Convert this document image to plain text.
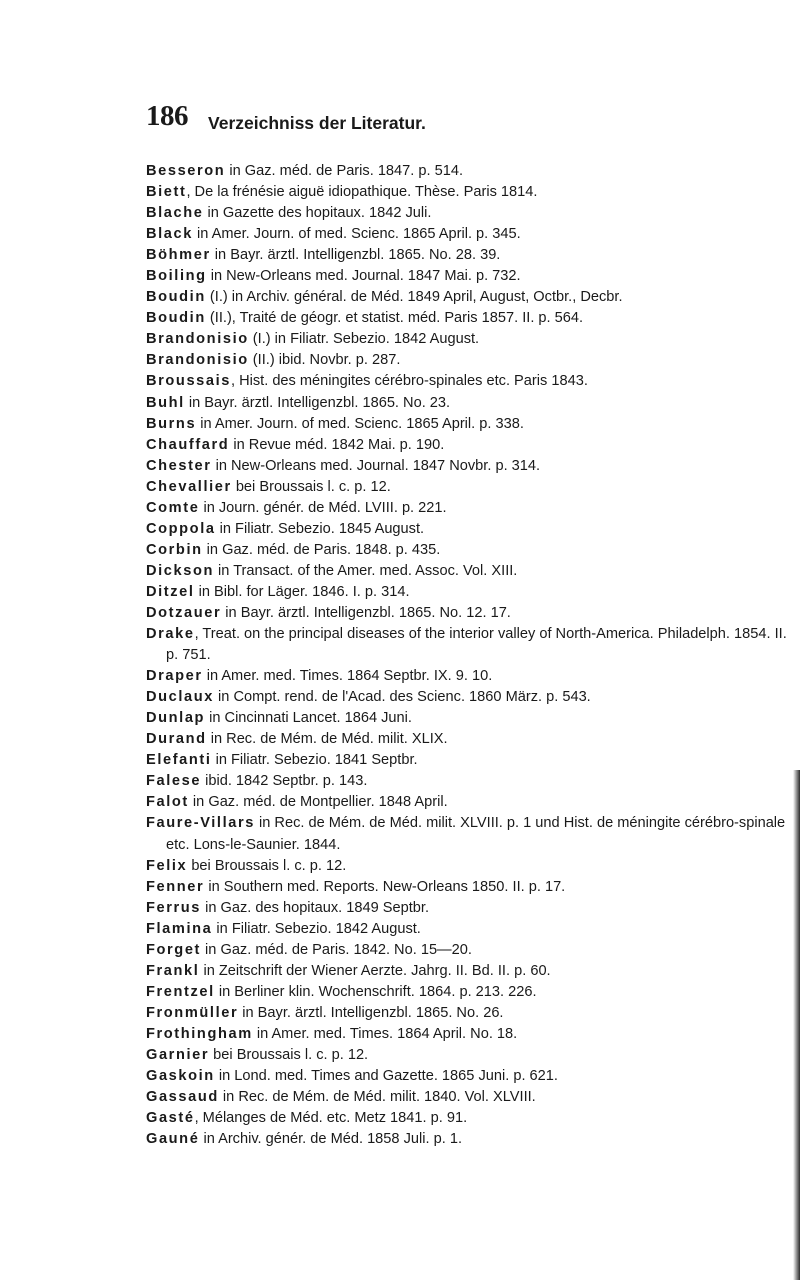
186 Verzeichniss der Literatur.
Besseron in Gaz. méd. de Paris. 1847. p. 514.
Biett, De la frénésie aiguë idiopathique. Thèse. Paris 1814.
Blache in Gazette des hopitaux. 1842 Juli.
Black in Amer. Journ. of med. Scienc. 1865 April. p. 345.
Böhmer in Bayr. ärztl. Intelligenzbl. 1865. No. 28. 39.
Boiling in New-Orleans med. Journal. 1847 Mai. p. 732.
Boudin (I.) in Archiv. général. de Méd. 1849 April, August, Octbr., Decbr.
Boudin (II.), Traité de géogr. et statist. méd. Paris 1857. II. p. 564.
Brandonisio (I.) in Filiatr. Sebezio. 1842 August.
Brandonisio (II.) ibid. Novbr. p. 287.
Broussais, Hist. des méningites cérébro-spinales etc. Paris 1843.
Buhl in Bayr. ärztl. Intelligenzbl. 1865. No. 23.
Burns in Amer. Journ. of med. Scienc. 1865 April. p. 338.
Chauffard in Revue méd. 1842 Mai. p. 190.
Chester in New-Orleans med. Journal. 1847 Novbr. p. 314.
Chevallier bei Broussais l. c. p. 12.
Comte in Journ. génér. de Méd. LVIII. p. 221.
Coppola in Filiatr. Sebezio. 1845 August.
Corbin in Gaz. méd. de Paris. 1848. p. 435.
Dickson in Transact. of the Amer. med. Assoc. Vol. XIII.
Ditzel in Bibl. for Läger. 1846. I. p. 314.
Dotzauer in Bayr. ärztl. Intelligenzbl. 1865. No. 12. 17.
Drake, Treat. on the principal diseases of the interior valley of North-America. Philadelph. 1854. II. p. 751.
Draper in Amer. med. Times. 1864 Septbr. IX. 9. 10.
Duclaux in Compt. rend. de l'Acad. des Scienc. 1860 März. p. 543.
Dunlap in Cincinnati Lancet. 1864 Juni.
Durand in Rec. de Mém. de Méd. milit. XLIX.
Elefanti in Filiatr. Sebezio. 1841 Septbr.
Falese ibid. 1842 Septbr. p. 143.
Falot in Gaz. méd. de Montpellier. 1848 April.
Faure-Villars in Rec. de Mém. de Méd. milit. XLVIII. p. 1 und Hist. de méningite cérébro-spinale etc. Lons-le-Saunier. 1844.
Felix bei Broussais l. c. p. 12.
Fenner in Southern med. Reports. New-Orleans 1850. II. p. 17.
Ferrus in Gaz. des hopitaux. 1849 Septbr.
Flamina in Filiatr. Sebezio. 1842 August.
Forget in Gaz. méd. de Paris. 1842. No. 15—20.
Frankl in Zeitschrift der Wiener Aerzte. Jahrg. II. Bd. II. p. 60.
Frentzel in Berliner klin. Wochenschrift. 1864. p. 213. 226.
Fronmüller in Bayr. ärztl. Intelligenzbl. 1865. No. 26.
Frothingham in Amer. med. Times. 1864 April. No. 18.
Garnier bei Broussais l. c. p. 12.
Gaskoin in Lond. med. Times and Gazette. 1865 Juni. p. 621.
Gassaud in Rec. de Mém. de Méd. milit. 1840. Vol. XLVIII.
Gasté, Mélanges de Méd. etc. Metz 1841. p. 91.
Gauné in Archiv. génér. de Méd. 1858 Juli. p. 1.
